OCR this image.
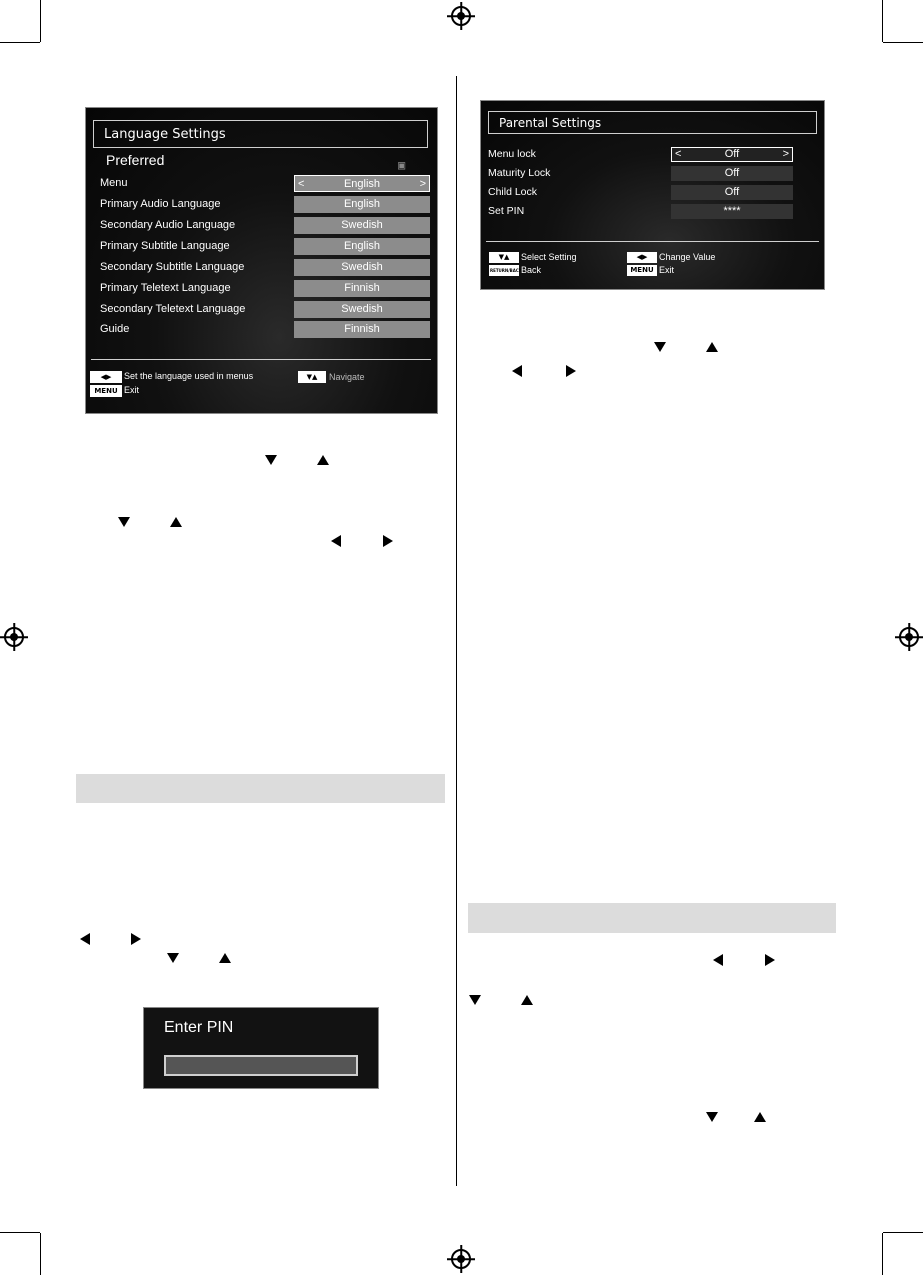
Language Settings
Preferred	▣
Menu	<	English	>
Primary Audio Language	English
Secondary Audio Language	Swedish
Primary Subtitle Language	English
Secondary Subtitle Language	Swedish
Primary Teletext Language	Finnish
Secondary Teletext Language	Swedish
Guide	Finnish
◀▶	Set the language used in menus
MENU Exit
▼▲	Navigate
Parental Settings
Menu lock	<	Off	>
Maturity Lock	Off
Child Lock	Off
Set PIN	****
▼▲	Select Setting
RETURN/BACK Back
◀▶	Change Value
MENU Exit
Enter PIN
